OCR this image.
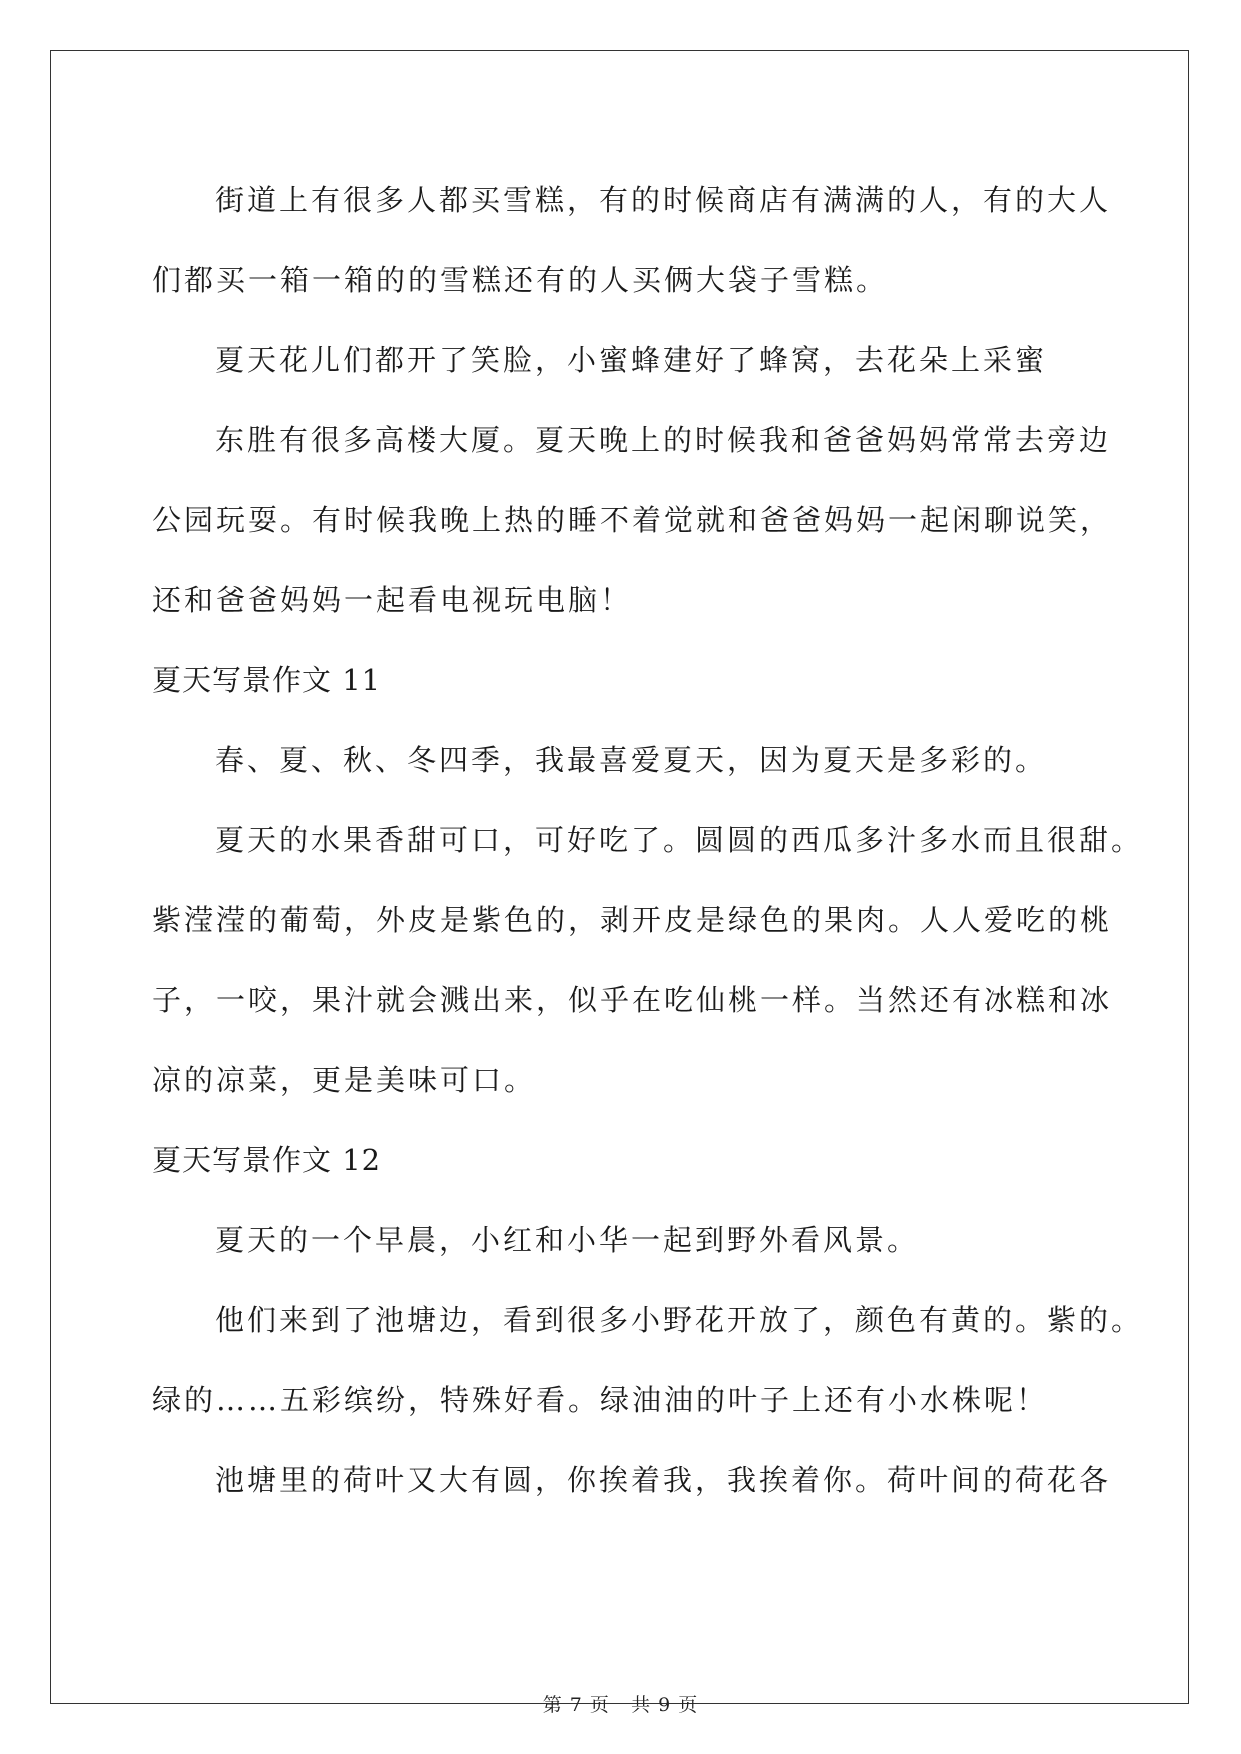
街道上有很多人都买雪糕，有的时候商店有满满的人，有的大人
们都买一箱一箱的的雪糕还有的人买俩大袋子雪糕。
夏天花儿们都开了笑脸，小蜜蜂建好了蜂窝，去花朵上采蜜
东胜有很多高楼大厦。夏天晚上的时候我和爸爸妈妈常常去旁边
公园玩耍。有时候我晚上热的睡不着觉就和爸爸妈妈一起闲聊说笑，
还和爸爸妈妈一起看电视玩电脑！
夏天写景作文 11
春、夏、秋、冬四季，我最喜爱夏天，因为夏天是多彩的。
夏天的水果香甜可口，可好吃了。圆圆的西瓜多汁多水而且很甜。
紫滢滢的葡萄，外皮是紫色的，剥开皮是绿色的果肉。人人爱吃的桃
子，一咬，果汁就会溅出来，似乎在吃仙桃一样。当然还有冰糕和冰
凉的凉菜，更是美味可口。
夏天写景作文 12
夏天的一个早晨，小红和小华一起到野外看风景。
他们来到了池塘边，看到很多小野花开放了，颜色有黄的。紫的。
绿的……五彩缤纷，特殊好看。绿油油的叶子上还有小水株呢！
池塘里的荷叶又大有圆，你挨着我，我挨着你。荷叶间的荷花各
第 7 页 共 9 页
